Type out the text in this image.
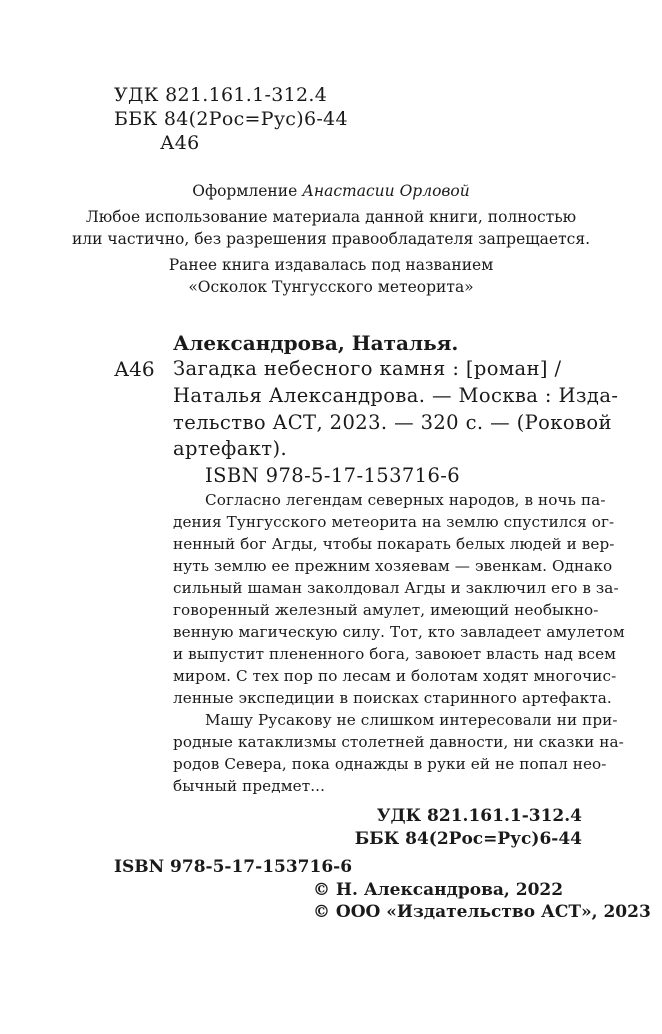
УДК 821.161.1-312.4
ББК 84(2Рос=Рус)6-44
А46
Оформление Анастасии Орловой
Любое использование материала данной книги, полностью
или частично, без разрешения правообладателя запрещается.
Ранее книга издавалась под названием
«Осколок Тунгусского метеорита»
Александрова, Наталья.
А46 Загадка небесного камня : [роман] /
Наталья Александрова. — Москва : Изда-
тельство АСТ, 2023. — 320 с. — (Роковой
артефакт).
ISBN 978-5-17-153716-6
Согласно легендам северных народов, в ночь па-
дения Тунгусского метеорита на землю спустился ог-
ненный бог Агды, чтобы покарать белых людей и вер-
нуть землю ее прежним хозяевам — эвенкам. Однако
сильный шаман заколдовал Агды и заключил его в за-
говоренный железный амулет, имеющий необыкно-
венную магическую силу. Тот, кто завладеет амулетом
и выпустит плененного бога, завоюет власть над всем
миром. С тех пор по лесам и болотам ходят многочис-
ленные экспедиции в поисках старинного артефакта.
Машу Русакову не слишком интересовали ни при-
родные катаклизмы столетней давности, ни сказки на-
родов Севера, пока однажды в руки ей не попал нео-
бычный предмет...
УДК 821.161.1-312.4
ББК 84(2Рос=Рус)6-44
ISBN 978-5-17-153716-6
© Н. Александрова, 2022
© ООО «Издательство АСТ», 2023
